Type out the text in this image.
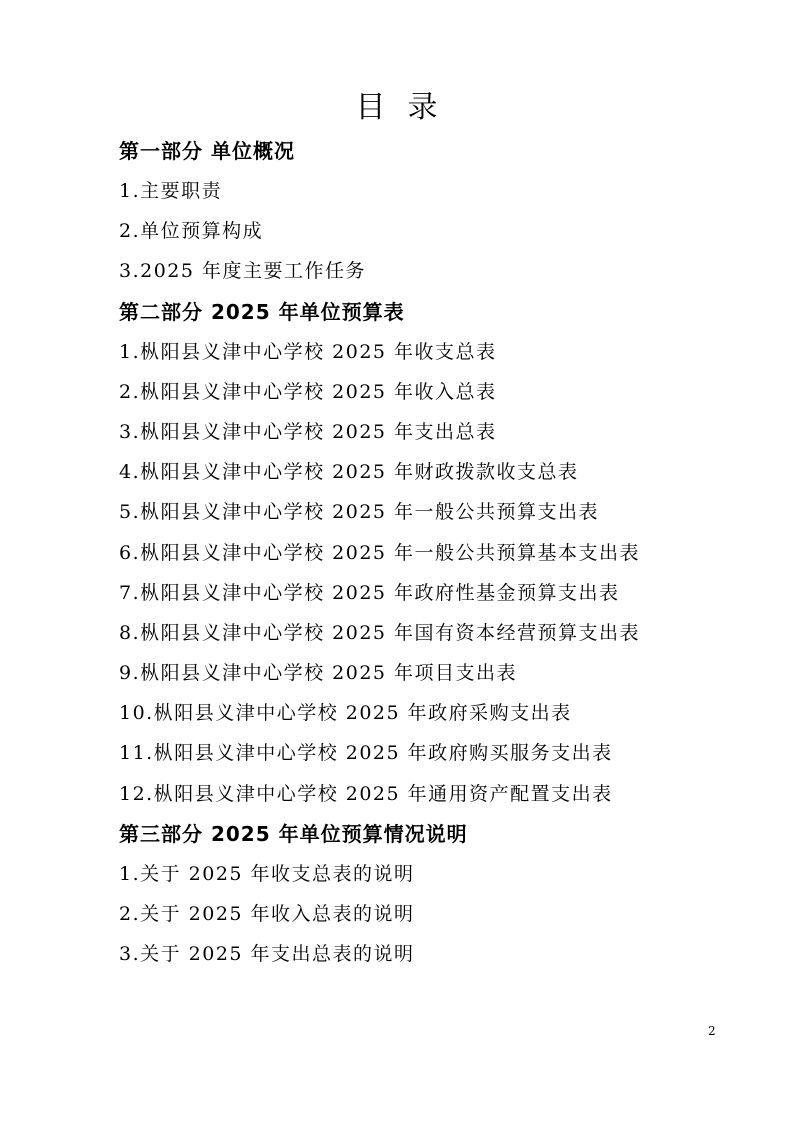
目录
第一部分 单位概况
1.主要职责
2.单位预算构成
3.2025 年度主要工作任务
第二部分 2025 年单位预算表
1.枞阳县义津中心学校 2025 年收支总表
2.枞阳县义津中心学校 2025 年收入总表
3.枞阳县义津中心学校 2025 年支出总表
4.枞阳县义津中心学校 2025 年财政拨款收支总表
5.枞阳县义津中心学校 2025 年一般公共预算支出表
6.枞阳县义津中心学校 2025 年一般公共预算基本支出表
7.枞阳县义津中心学校 2025 年政府性基金预算支出表
8.枞阳县义津中心学校 2025 年国有资本经营预算支出表
9.枞阳县义津中心学校 2025 年项目支出表
10.枞阳县义津中心学校 2025 年政府采购支出表
11.枞阳县义津中心学校 2025 年政府购买服务支出表
12.枞阳县义津中心学校 2025 年通用资产配置支出表
第三部分 2025 年单位预算情况说明
1.关于 2025 年收支总表的说明
2.关于 2025 年收入总表的说明
3.关于 2025 年支出总表的说明
2
